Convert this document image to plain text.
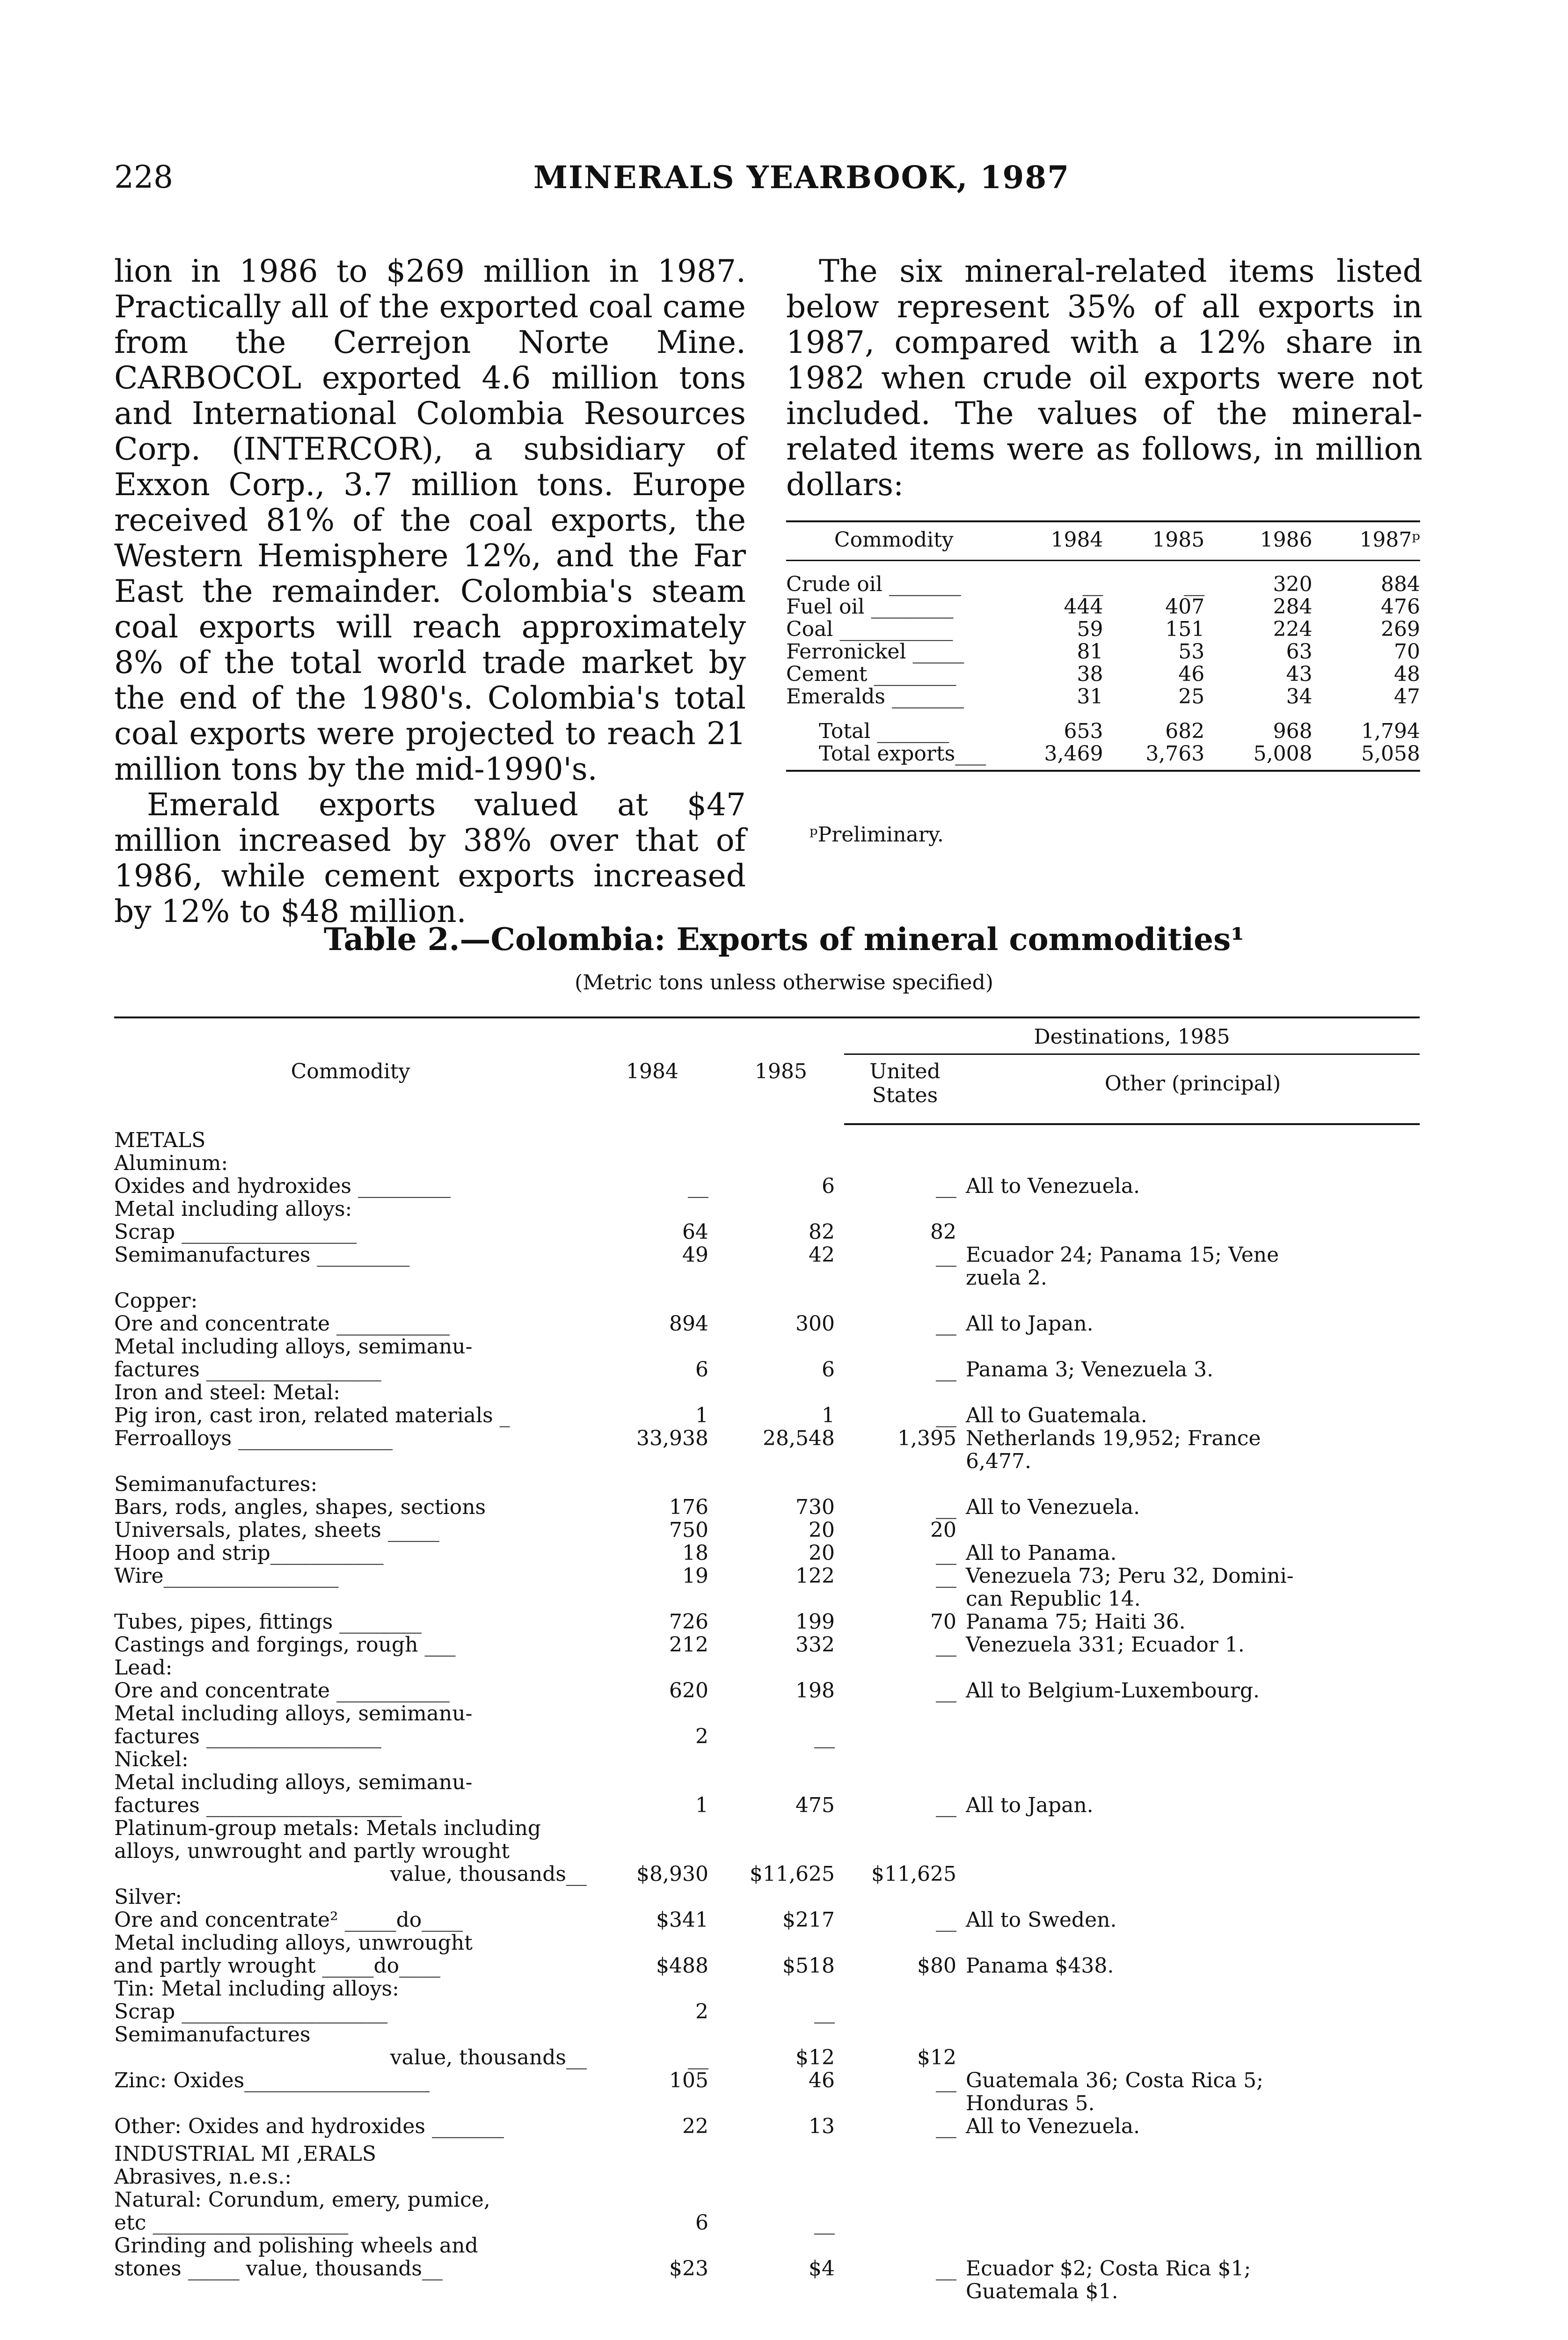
228	MINERALS YEARBOOK, 1987

lion in 1986 to $269 million in 1987. Practically all of the exported coal came from the Cerrejon Norte Mine. CARBOCOL exported 4.6 million tons and International Colombia Resources Corp. (INTERCOR), a subsidiary of Exxon Corp., 3.7 million tons. Europe received 81% of the coal exports, the Western Hemisphere 12%, and the Far East the remainder. Colombia's steam coal exports will reach approximately 8% of the total world trade market by the end of the 1980's. Colombia's total coal exports were projected to reach 21 million tons by the mid-1990's.

Emerald exports valued at $47 million increased by 38% over that of 1986, while cement exports increased by 12% to $48 million.

The six mineral-related items listed below represent 35% of all exports in 1987, compared with a 12% share in 1982 when crude oil exports were not included. The values of the mineral-related items were as follows, in million dollars:

Commodity	1984	1985	1986	1987ᵖ
Crude oil _______	__	__	320	884
Fuel oil ________	444	407	284	476
Coal ___________	59	151	224	269
Ferronickel _____	81	53	63	70
Cement ________	38	46	43	48
Emeralds _______	31	25	34	47
Total _______	653	682	968	1,794
Total exports___	3,469	3,763	5,008	5,058
ᵖPreliminary.
Table 2.—Colombia: Exports of mineral commodities¹
(Metric tons unless otherwise specified)
Commodity	1984	1985	Destinations, 1985	
			United States	Other (principal)
METALS				
Aluminum:				
Oxides and hydroxides _________	__	6	__	All to Venezuela.
Metal including alloys:				
Scrap _________________	64	82	82	
Semimanufactures _________	49	42	__	Ecuador 24; Panama 15; Vene
				zuela 2.
Copper:				
Ore and concentrate ___________	894	300	__	All to Japan.
Metal including alloys, semimanu-				
factures _________________	6	6	__	Panama 3; Venezuela 3.
Iron and steel: Metal:				
Pig iron, cast iron, related materials _	1	1	__	All to Guatemala.
Ferroalloys _______________	33,938	28,548	1,395	Netherlands 19,952; France
				6,477.
Semimanufactures:				
Bars, rods, angles, shapes, sections	176	730	__	All to Venezuela.
Universals, plates, sheets _____	750	20	20	
Hoop and strip___________	18	20	__	All to Panama.
Wire_________________	19	122	__	Venezuela 73; Peru 32, Domini-
				can Republic 14.
Tubes, pipes, fittings ________	726	199	70	Panama 75; Haiti 36.
Castings and forgings, rough ___	212	332	__	Venezuela 331; Ecuador 1.
Lead:				
Ore and concentrate ___________	620	198	__	All to Belgium-Luxembourg.
Metal including alloys, semimanu-				
factures _________________	2	__		
Nickel:				
Metal including alloys, semimanu-				
factures ___________________	1	475	__	All to Japan.
Platinum-group metals: Metals including				
alloys, unwrought and partly wrought				
value, thousands__	$8,930	$11,625	$11,625	
Silver:				
Ore and concentrate² _____do____	$341	$217	__	All to Sweden.
Metal including alloys, unwrought				
and partly wrought _____do____	$488	$518	$80	Panama $438.
Tin: Metal including alloys:				
Scrap ____________________	2	__		
Semimanufactures				
value, thousands__	__	$12	$12	
Zinc: Oxides__________________	105	46	__	Guatemala 36; Costa Rica 5;
				Honduras 5.
Other: Oxides and hydroxides _______	22	13	__	All to Venezuela.
INDUSTRIAL MI ,ERALS				
Abrasives, n.e.s.:				
Natural: Corundum, emery, pumice,				
etc ___________________	6	__		
Grinding and polishing wheels and				
stones _____ value, thousands__	$23	$4	__	Ecuador $2; Costa Rica $1;
				Guatemala $1.
